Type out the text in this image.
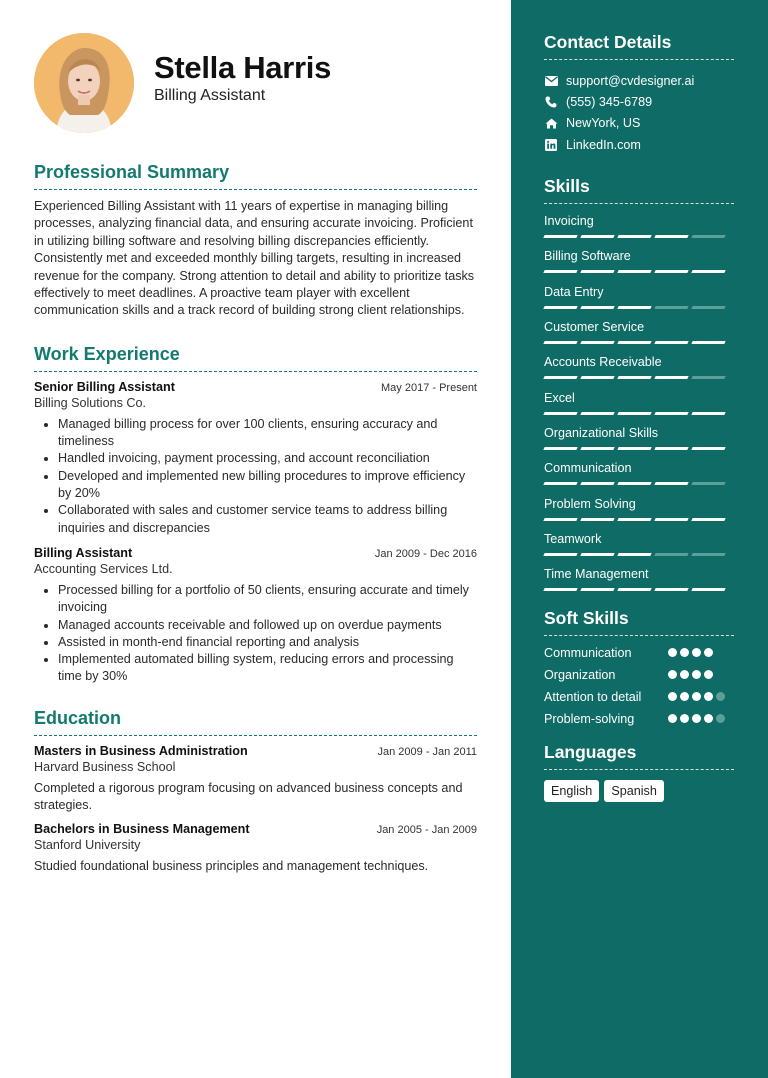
Stella Harris
Billing Assistant
Professional Summary
Experienced Billing Assistant with 11 years of expertise in managing billing processes, analyzing financial data, and ensuring accurate invoicing. Proficient in utilizing billing software and resolving billing discrepancies efficiently. Consistently met and exceeded monthly billing targets, resulting in increased revenue for the company. Strong attention to detail and ability to prioritize tasks effectively to meet deadlines. A proactive team player with excellent communication skills and a track record of building strong client relationships.
Work Experience
Senior Billing Assistant	May 2017 - Present
Billing Solutions Co.
• Managed billing process for over 100 clients, ensuring accuracy and timeliness
• Handled invoicing, payment processing, and account reconciliation
• Developed and implemented new billing procedures to improve efficiency by 20%
• Collaborated with sales and customer service teams to address billing inquiries and discrepancies
Billing Assistant	Jan 2009 - Dec 2016
Accounting Services Ltd.
• Processed billing for a portfolio of 50 clients, ensuring accurate and timely invoicing
• Managed accounts receivable and followed up on overdue payments
• Assisted in month-end financial reporting and analysis
• Implemented automated billing system, reducing errors and processing time by 30%
Education
Masters in Business Administration	Jan 2009 - Jan 2011
Harvard Business School
Completed a rigorous program focusing on advanced business concepts and strategies.
Bachelors in Business Management	Jan 2005 - Jan 2009
Stanford University
Studied foundational business principles and management techniques.
Contact Details
support@cvdesigner.ai
(555) 345-6789
NewYork, US
LinkedIn.com
Skills
Invoicing
Billing Software
Data Entry
Customer Service
Accounts Receivable
Excel
Organizational Skills
Communication
Problem Solving
Teamwork
Time Management
Soft Skills
Communication
Organization
Attention to detail
Problem-solving
Languages
English	Spanish
